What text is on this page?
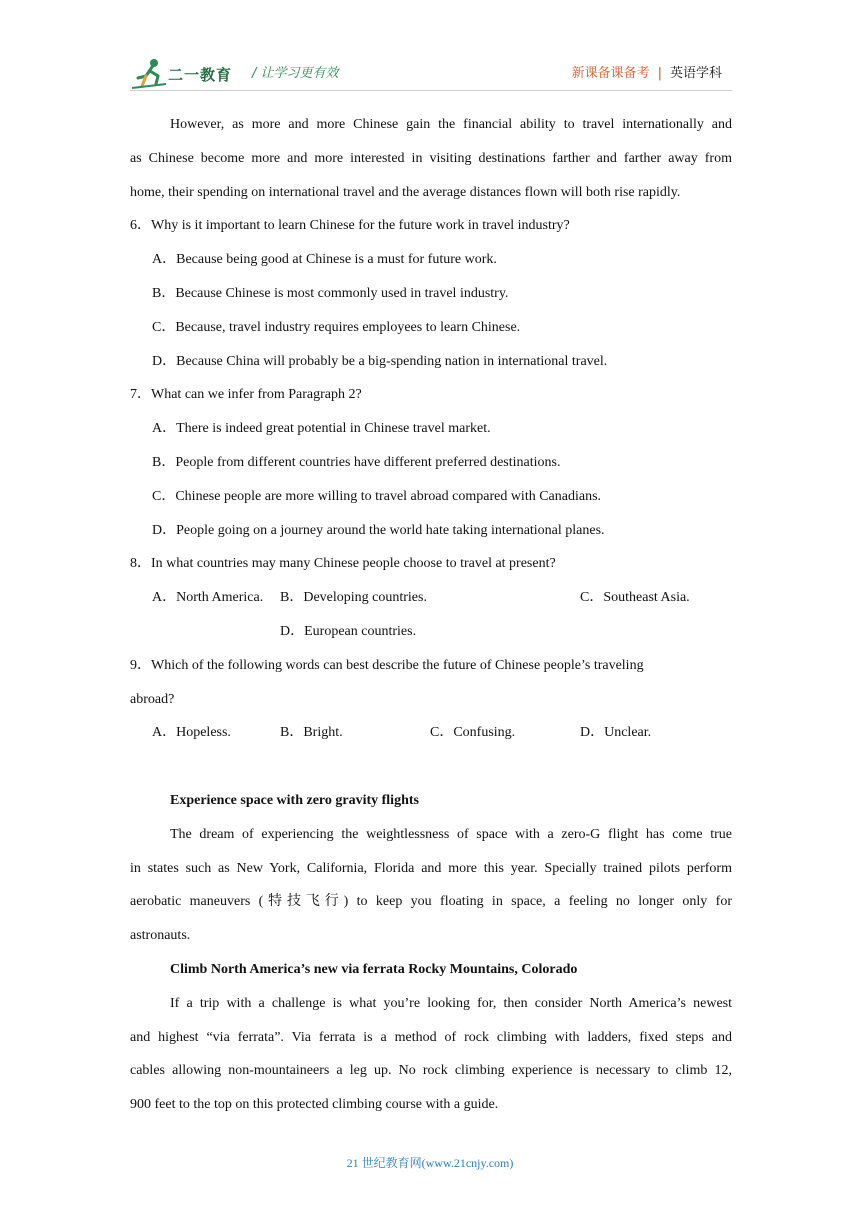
二一教育 / 让学习更有效	新课备课备考 | 英语学科
However, as more and more Chinese gain the financial ability to travel internationally and
as Chinese become more and more interested in visiting destinations farther and farther away from
home, their spending on international travel and the average distances flown will both rise rapidly.
6．Why is it important to learn Chinese for the future work in travel industry?
A．Because being good at Chinese is a must for future work.
B．Because Chinese is most commonly used in travel industry.
C．Because, travel industry requires employees to learn Chinese.
D．Because China will probably be a big-spending nation in international travel.
7．What can we infer from Paragraph 2?
A．There is indeed great potential in Chinese travel market.
B．People from different countries have different preferred destinations.
C．Chinese people are more willing to travel abroad compared with Canadians.
D．People going on a journey around the world hate taking international planes.
8．In what countries may many Chinese people choose to travel at present?
A．North America. B．Developing countries.	C．Southeast Asia.
D．European countries.
9．Which of the following words can best describe the future of Chinese people’s traveling
abroad?
A．Hopeless.	B．Bright.	C．Confusing.	D．Unclear.
Experience space with zero gravity flights
The dream of experiencing the weightlessness of space with a zero-G flight has come true
in states such as New York, California, Florida and more this year. Specially trained pilots perform
aerobatic maneuvers (特技飞行) to keep you floating in space, a feeling no longer only for
astronauts.
Climb North America’s new via ferrata Rocky Mountains, Colorado
If a trip with a challenge is what you’re looking for, then consider North America’s newest
and highest “via ferrata”. Via ferrata is a method of rock climbing with ladders, fixed steps and
cables allowing non-mountaineers a leg up. No rock climbing experience is necessary to climb 12,
900 feet to the top on this protected climbing course with a guide.
21 世纪教育网(www.21cnjy.com)
